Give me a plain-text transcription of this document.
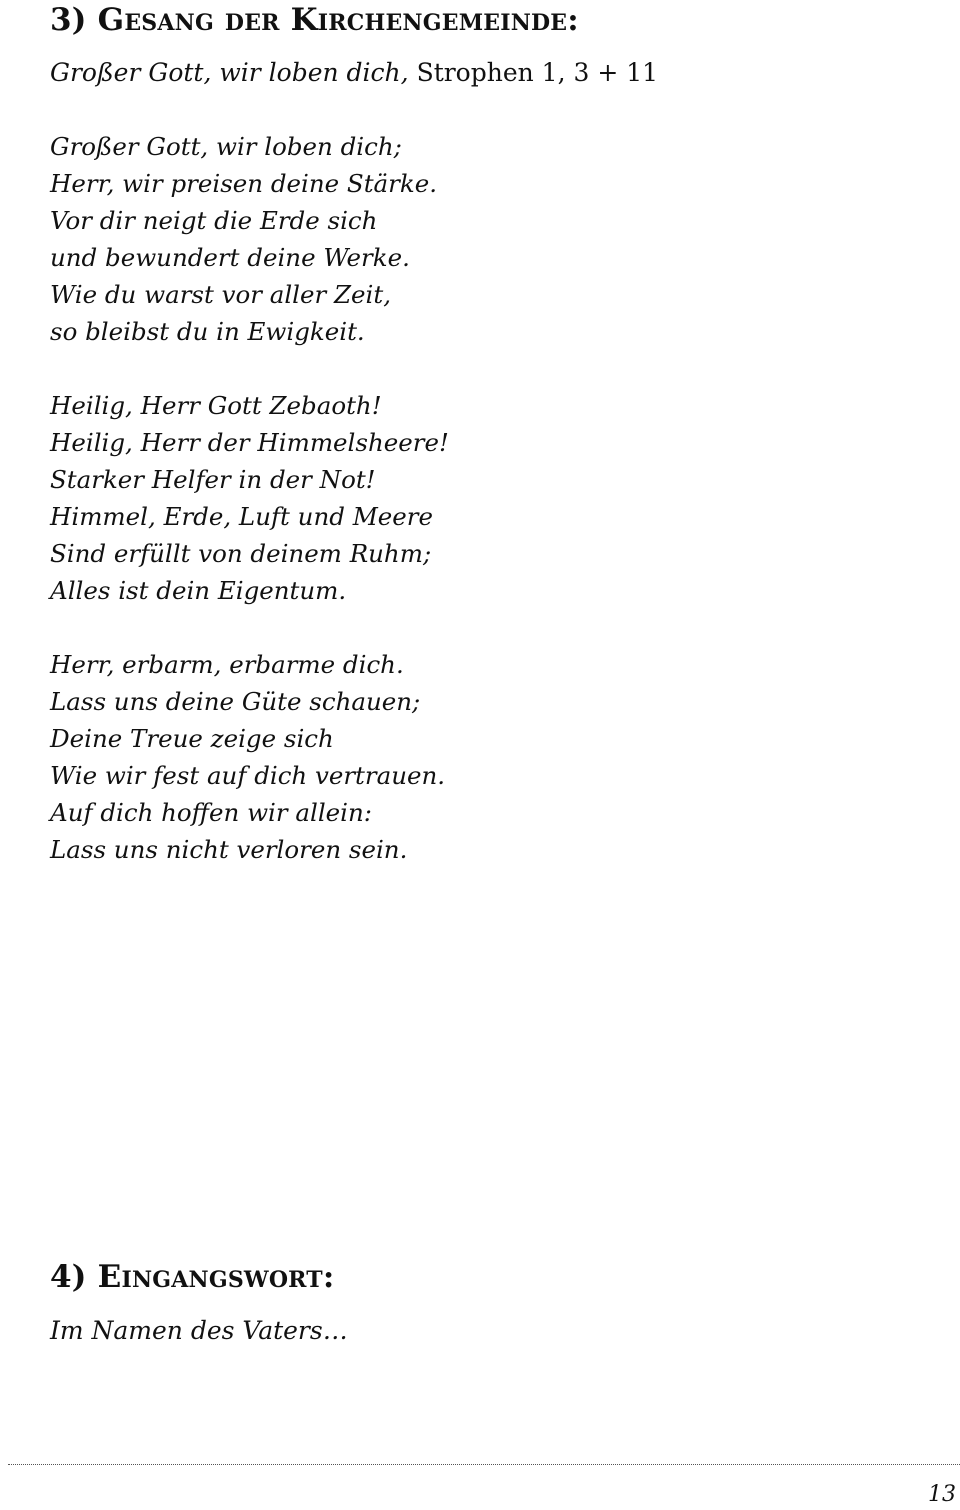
3) Gesang der Kirchengemeinde:
Großer Gott, wir loben dich, Strophen 1, 3 + 11
Großer Gott, wir loben dich;
Herr, wir preisen deine Stärke.
Vor dir neigt die Erde sich
und bewundert deine Werke.
Wie du warst vor aller Zeit,
so bleibst du in Ewigkeit.
Heilig, Herr Gott Zebaoth!
Heilig, Herr der Himmelsheere!
Starker Helfer in der Not!
Himmel, Erde, Luft und Meere
Sind erfüllt von deinem Ruhm;
Alles ist dein Eigentum.
Herr, erbarm, erbarme dich.
Lass uns deine Güte schauen;
Deine Treue zeige sich
Wie wir fest auf dich vertrauen.
Auf dich hoffen wir allein:
Lass uns nicht verloren sein.
4) Eingangswort:
Im Namen des Vaters…
13
